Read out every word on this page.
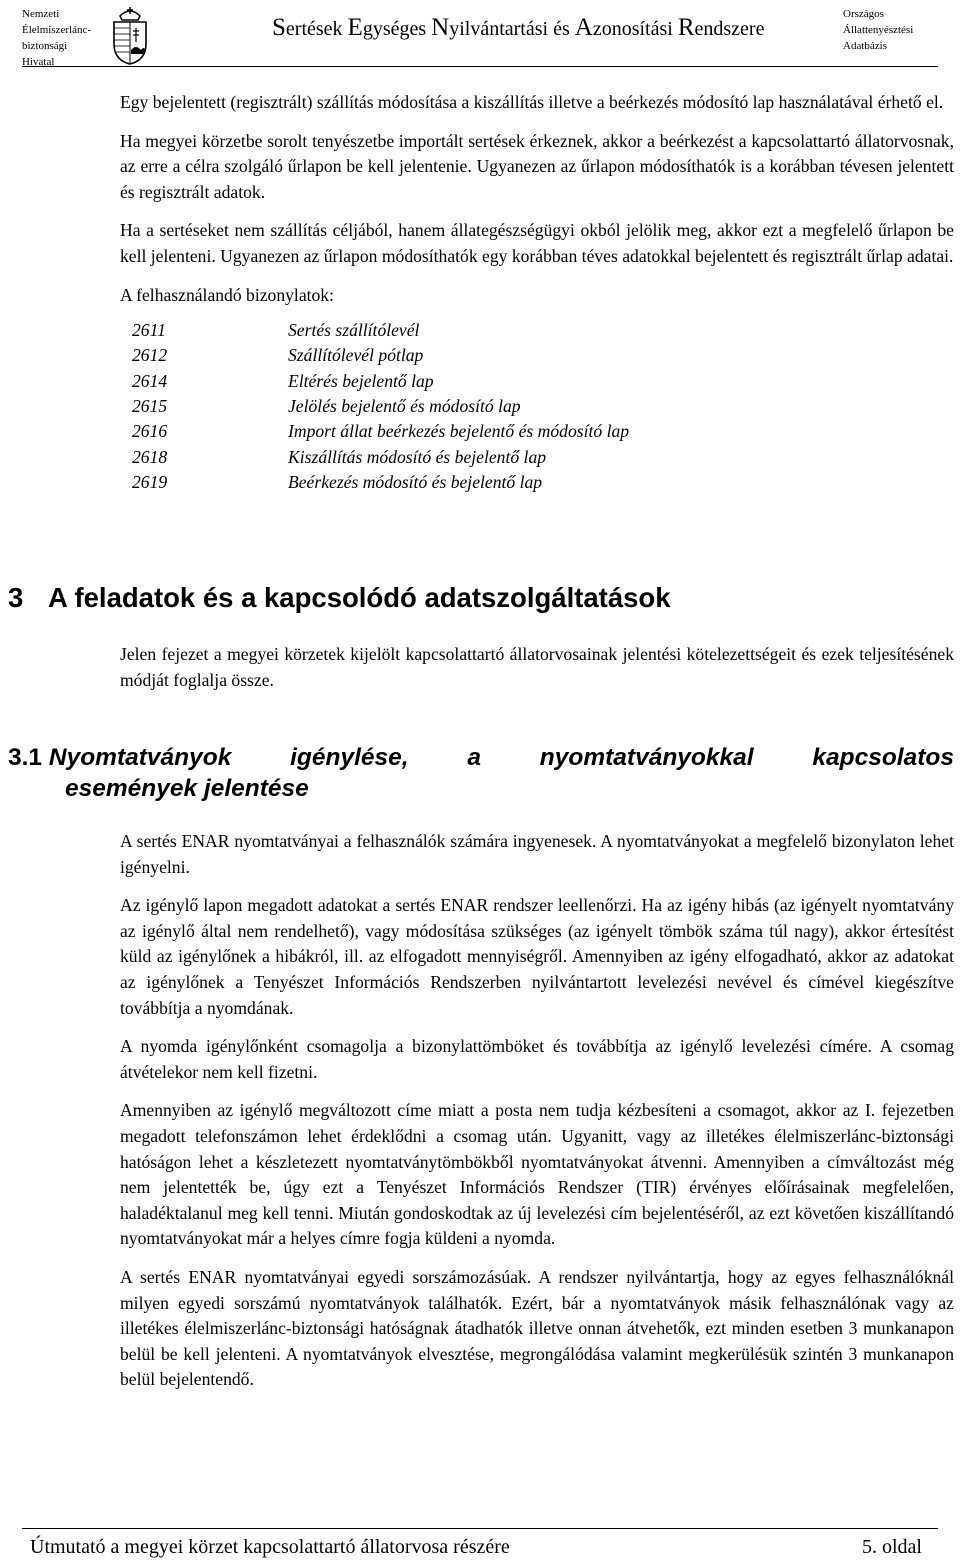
Nemzeti
Élelmiszerlánc-
biztonsági
Hivatal
Sertések Egységes Nyilvántartási és Azonosítási Rendszere
Országos
Állattenyésztési
Adatbázis

Egy bejelentett (regisztrált) szállítás módosítása a kiszállítás illetve a beérkezés módosító lap használatával érhető el.

Ha megyei körzetbe sorolt tenyészetbe importált sertések érkeznek, akkor a beérkezést a kapcsolattartó állatorvosnak, az erre a célra szolgáló űrlapon be kell jelentenie. Ugyanezen az űrlapon módosíthatók is a korábban tévesen jelentett és regisztrált adatok.

Ha a sertéseket nem szállítás céljából, hanem állategészségügyi okból jelölik meg, akkor ezt a megfelelő űrlapon be kell jelenteni. Ugyanezen az űrlapon módosíthatók egy korábban téves adatokkal bejelentett és regisztrált űrlap adatai.

A felhasználandó bizonylatok:

2611	Sertés szállítólevél
2612	Szállítólevél pótlap
2614	Eltérés bejelentő lap
2615	Jelölés bejelentő és módosító lap
2616	Import állat beérkezés bejelentő és módosító lap
2618	Kiszállítás módosító és bejelentő lap
2619	Beérkezés módosító és bejelentő lap
3 A feladatok és a kapcsolódó adatszolgáltatások

Jelen fejezet a megyei körzetek kijelölt kapcsolattartó állatorvosainak jelentési kötelezettségeit és ezek teljesítésének módját foglalja össze.

3.1 Nyomtatványok igénylése, a nyomtatványokkal kapcsolatos
események jelentése

A sertés ENAR nyomtatványai a felhasználók számára ingyenesek. A nyomtatványokat a megfelelő bizonylaton lehet igényelni.

Az igénylő lapon megadott adatokat a sertés ENAR rendszer leellenőrzi. Ha az igény hibás (az igényelt nyomtatvány az igénylő által nem rendelhető), vagy módosítása szükséges (az igényelt tömbök száma túl nagy), akkor értesítést küld az igénylőnek a hibákról, ill. az elfogadott mennyiségről. Amennyiben az igény elfogadható, akkor az adatokat az igénylőnek a Tenyészet Információs Rendszerben nyilvántartott levelezési nevével és címével kiegészítve továbbítja a nyomdának.

A nyomda igénylőnként csomagolja a bizonylattömböket és továbbítja az igénylő levelezési címére. A csomag átvételekor nem kell fizetni.

Amennyiben az igénylő megváltozott címe miatt a posta nem tudja kézbesíteni a csomagot, akkor az I. fejezetben megadott telefonszámon lehet érdeklődni a csomag után. Ugyanitt, vagy az illetékes élelmiszerlánc-biztonsági hatóságon lehet a készletezett nyomtatványtömbökből nyomtatványokat átvenni. Amennyiben a címváltozást még nem jelentették be, úgy ezt a Tenyészet Információs Rendszer (TIR) érvényes előírásainak megfelelően, haladéktalanul meg kell tenni. Miután gondoskodtak az új levelezési cím bejelentéséről, az ezt követően kiszállítandó nyomtatványokat már a helyes címre fogja küldeni a nyomda.

A sertés ENAR nyomtatványai egyedi sorszámozásúak. A rendszer nyilvántartja, hogy az egyes felhasználóknál milyen egyedi sorszámú nyomtatványok találhatók. Ezért, bár a nyomtatványok másik felhasználónak vagy az illetékes élelmiszerlánc-biztonsági hatóságnak átadhatók illetve onnan átvehetők, ezt minden esetben 3 munkanapon belül be kell jelenteni. A nyomtatványok elvesztése, megrongálódása valamint megkerülésük szintén 3 munkanapon belül bejelentendő.

Útmutató a megyei körzet kapcsolattartó állatorvosa részére	5. oldal
